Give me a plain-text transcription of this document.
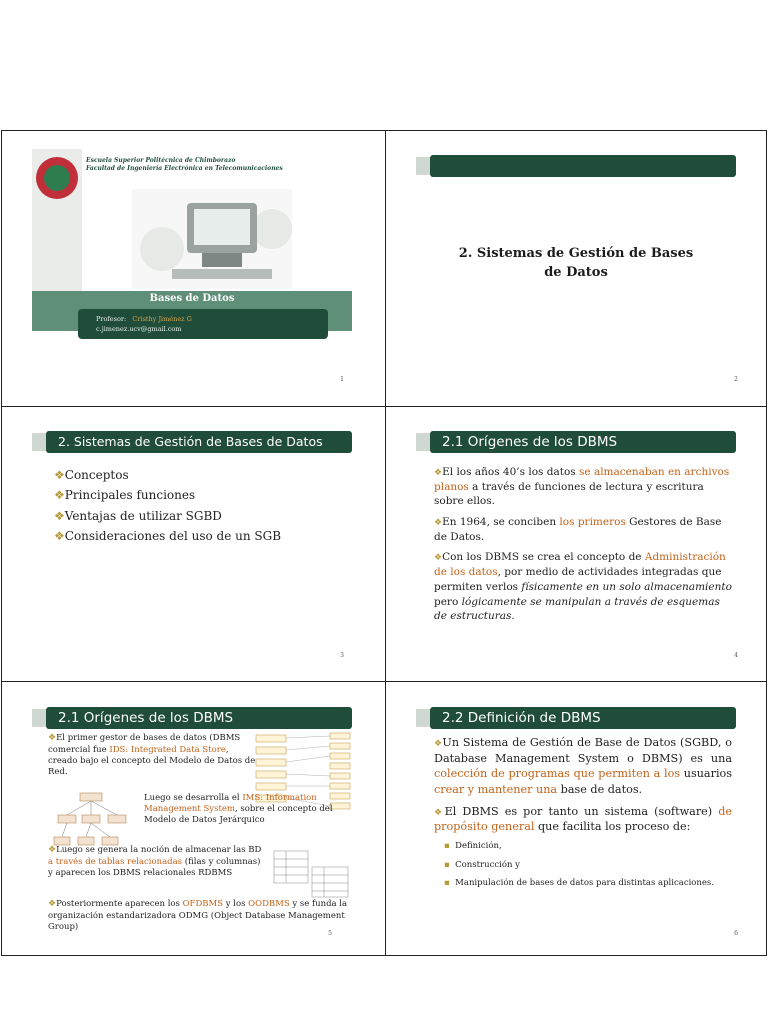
Escuela Superior Politécnica de Chimborazo
Facultad de Ingeniería Electrónica en Telecomunicaciones
Bases de Datos
Profesor: Cristhy Jiménez G
c.jimenez.ucv@gmail.com
1
2. Sistemas de Gestión de Bases
de Datos
2
2. Sistemas de Gestión de Bases de Datos
❖Conceptos
❖Principales funciones
❖Ventajas de utilizar SGBD
❖Consideraciones del uso de un SGB
3
2.1 Orígenes de los DBMS

❖El los años 40’s los datos se almacenaban en archivos planos a través de funciones de lectura y escritura sobre ellos.

❖En 1964, se conciben los primeros Gestores de Base de Datos.

❖Con los DBMS se crea el concepto de Administración de los datos, por medio de actividades integradas que permiten verlos físicamente en un solo almacenamiento pero lógicamente se manipulan a través de esquemas de estructuras.

4
2.1 Orígenes de los DBMS
❖El primer gestor de bases de datos (DBMS comercial fue IDS: Integrated Data Store, creado bajo el concepto del Modelo de Datos de Red.
Luego se desarrolla el IMS: Information Management System, sobre el concepto del Modelo de Datos Jerárquico
❖Luego se genera la noción de almacenar las BD a través de tablas relacionadas (filas y columnas) y aparecen los DBMS relacionales RDBMS
❖Posteriormente aparecen los OFDBMS y los OODBMS y se funda la organización estandarizadora ODMG (Object Database Management Group)
5
2.2 Definición de DBMS

❖Un Sistema de Gestión de Base de Datos (SGBD, o Database Management System o DBMS) es una colección de programas que permiten a los usuarios crear y mantener una base de datos.

❖El DBMS es por tanto un sistema (software) de propósito general que facilita los proceso de:

▪ Definición,
▪ Construcción y
▪ Manipulación de bases de datos para distintas aplicaciones.
6
